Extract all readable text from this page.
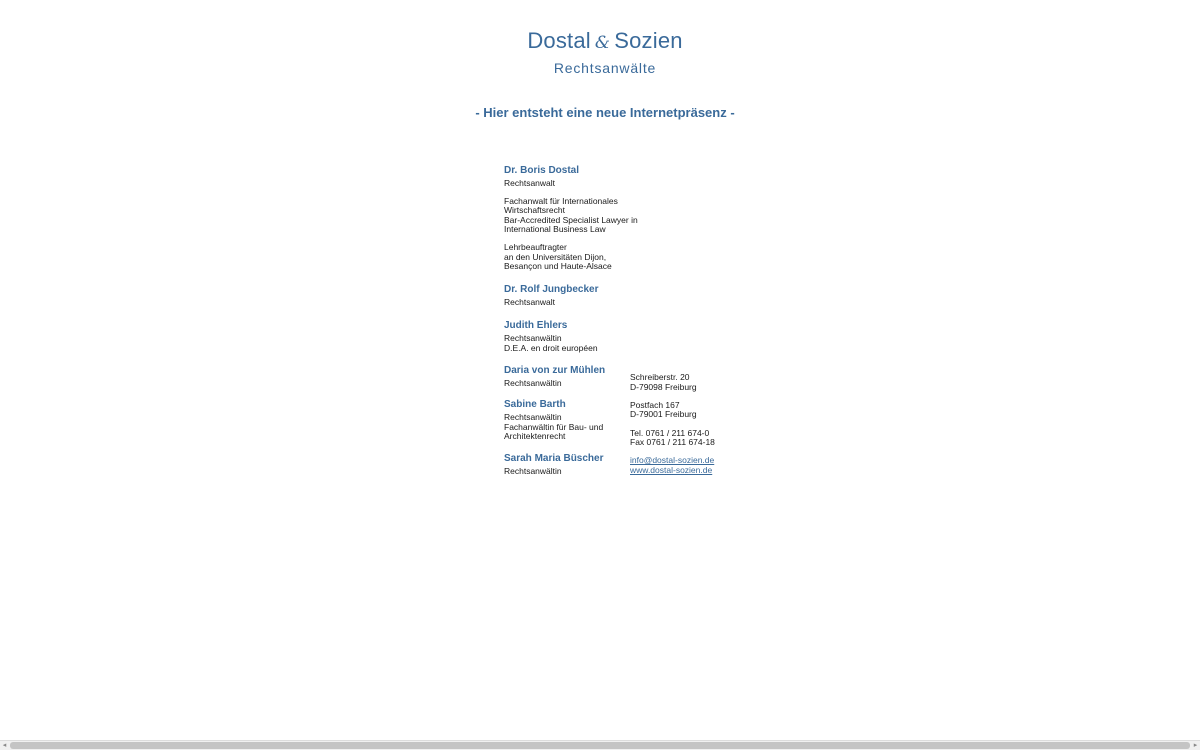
Dostal & Sozien
Rechtsanwälte
- Hier entsteht eine neue Internetpräsenz -
Dr. Boris Dostal
Rechtsanwalt
Fachanwalt für Internationales
Wirtschaftsrecht
Bar-Accredited Specialist Lawyer in
International Business Law
Lehrbeauftragter
an den Universitäten Dijon,
Besançon und Haute-Alsace
Dr. Rolf Jungbecker
Rechtsanwalt
Judith Ehlers
Rechtsanwältin
D.E.A. en droit européen
Daria von zur Mühlen
Rechtsanwältin
Sabine Barth
Rechtsanwältin
Fachanwältin für Bau- und
Architektenrecht
Sarah Maria Büscher
Rechtsanwältin
Schreiberstr. 20
D-79098 Freiburg
Postfach 167
D-79001 Freiburg
Tel. 0761 / 211 674-0
Fax 0761 / 211 674-18
info@dostal-sozien.de
www.dostal-sozien.de
◂	▸
